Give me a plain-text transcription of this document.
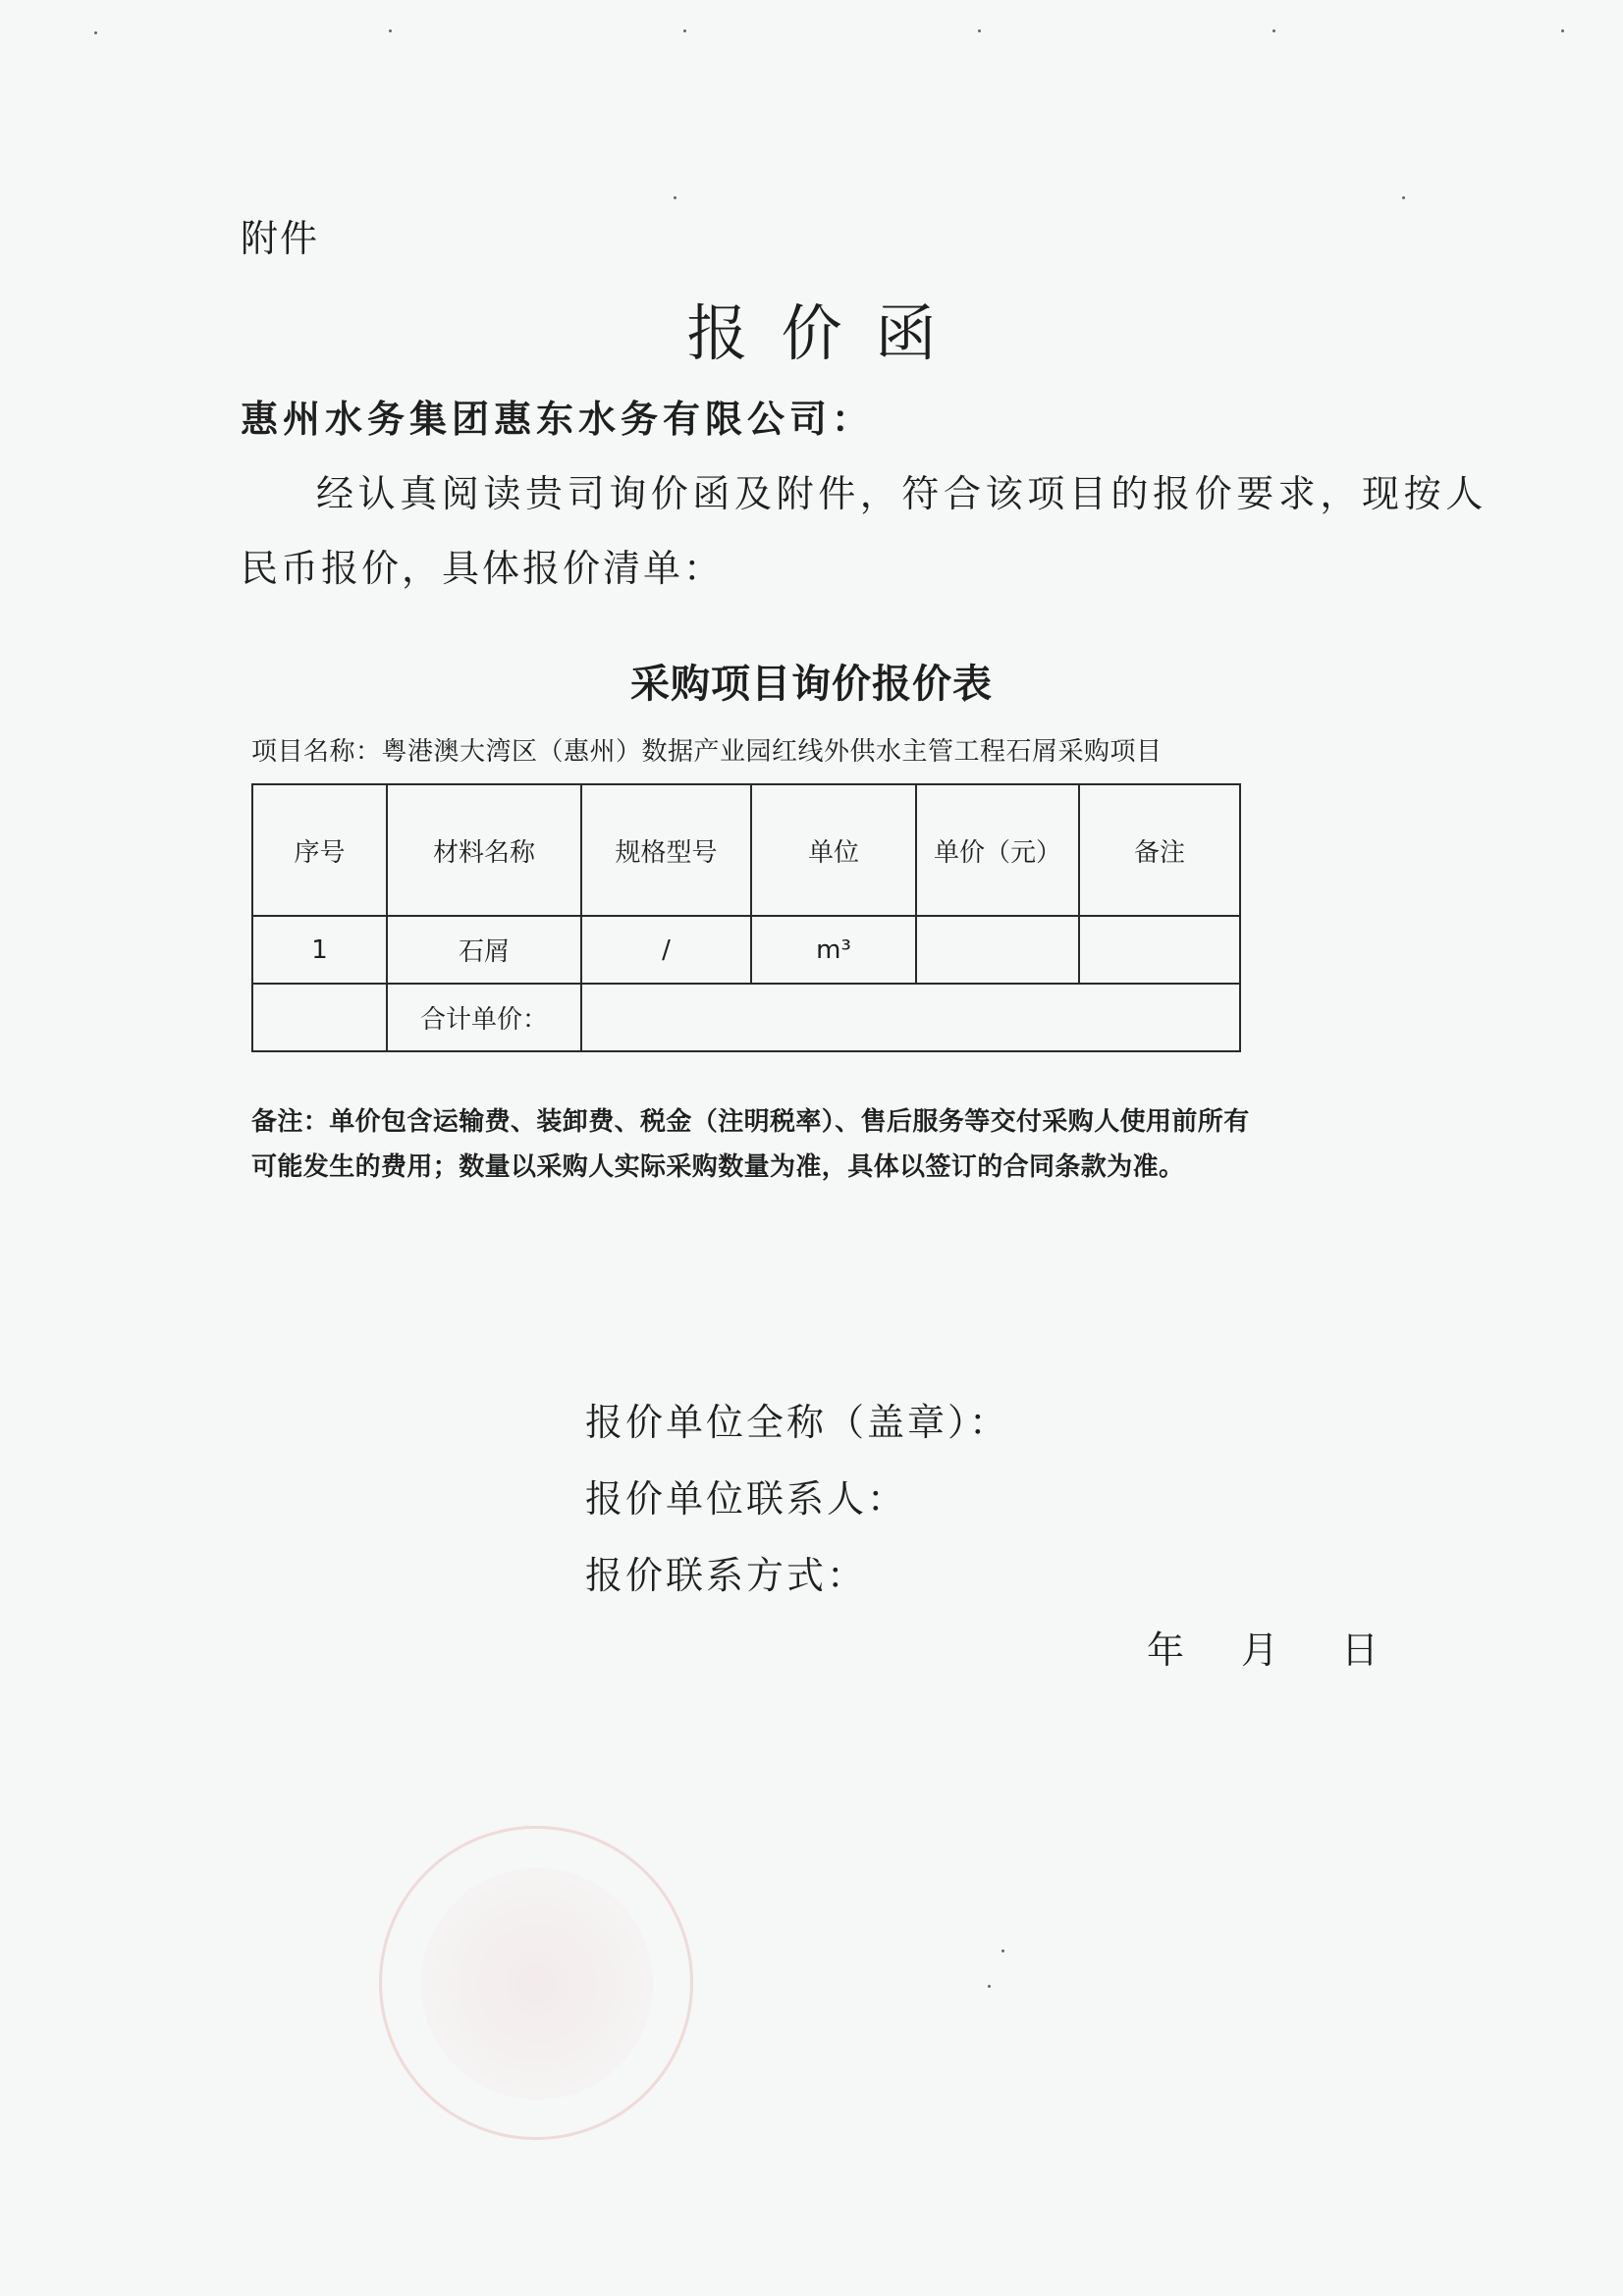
附件
报价函
惠州水务集团惠东水务有限公司：
经认真阅读贵司询价函及附件，符合该项目的报价要求，现按人
民币报价，具体报价清单：
采购项目询价报价表
项目名称：粤港澳大湾区（惠州）数据产业园红线外供水主管工程石屑采购项目
序号	材料名称	规格型号	单位	单价（元）	备注
1	石屑	/	m³		
	合计单价：				
备注：单价包含运输费、装卸费、税金（注明税率）、售后服务等交付采购人使用前所有
可能发生的费用；数量以采购人实际采购数量为准，具体以签订的合同条款为准。
报价单位全称（盖章）：
报价单位联系人：
报价联系方式：
年 月 日
